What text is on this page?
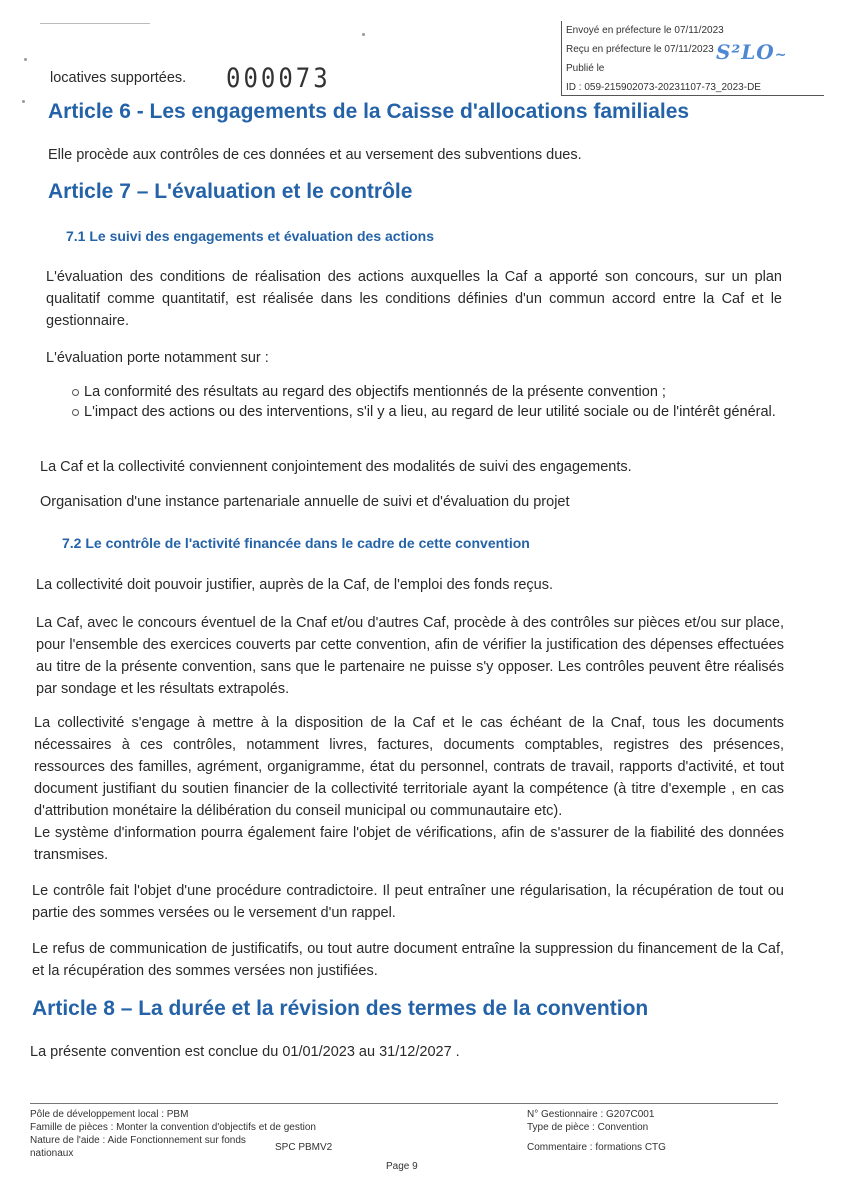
Envoyé en préfecture le 07/11/2023
Reçu en préfecture le 07/11/2023
Publié le
ID : 059-215902073-20231107-73_2023-DE
S²LO~
locatives supportées. 000073
Article 6 - Les engagements de la Caisse d'allocations familiales
Elle procède aux contrôles de ces données et au versement des subventions dues.
Article 7 – L'évaluation et le contrôle
7.1 Le suivi des engagements et évaluation des actions
L'évaluation des conditions de réalisation des actions auxquelles la Caf a apporté son concours, sur un plan qualitatif comme quantitatif, est réalisée dans les conditions définies d'un commun accord entre la Caf et le gestionnaire.
L'évaluation porte notamment sur :
La conformité des résultats au regard des objectifs mentionnés de la présente convention ;
L'impact des actions ou des interventions, s'il y a lieu, au regard de leur utilité sociale ou de l'intérêt général.
La Caf et la collectivité conviennent conjointement des modalités de suivi des engagements.
Organisation d'une instance partenariale annuelle de suivi et d'évaluation du projet
7.2 Le contrôle de l'activité financée dans le cadre de cette convention
La collectivité doit pouvoir justifier, auprès de la Caf, de l'emploi des fonds reçus.
La Caf, avec le concours éventuel de la Cnaf et/ou d'autres Caf, procède à des contrôles sur pièces et/ou sur place, pour l'ensemble des exercices couverts par cette convention, afin de vérifier la justification des dépenses effectuées au titre de la présente convention, sans que le partenaire ne puisse s'y opposer. Les contrôles peuvent être réalisés par sondage et les résultats extrapolés.
La collectivité s'engage à mettre à la disposition de la Caf et le cas échéant de la Cnaf, tous les documents nécessaires à ces contrôles, notamment livres, factures, documents comptables, registres des présences, ressources des familles, agrément, organigramme, état du personnel, contrats de travail, rapports d'activité, et tout document justifiant du soutien financier de la collectivité territoriale ayant la compétence (à titre d'exemple , en cas d'attribution monétaire la délibération du conseil municipal ou communautaire etc).
Le système d'information pourra également faire l'objet de vérifications, afin de s'assurer de la fiabilité des données transmises.
Le contrôle fait l'objet d'une procédure contradictoire. Il peut entraîner une régularisation, la récupération de tout ou partie des sommes versées ou le versement d'un rappel.
Le refus de communication de justificatifs, ou tout autre document entraîne la suppression du financement de la Caf, et la récupération des sommes versées non justifiées.
Article 8 – La durée et la révision des termes de la convention
La présente convention est conclue du 01/01/2023 au 31/12/2027 .
Pôle de développement local : PBM
Famille de pièces : Monter la convention d'objectifs et de gestion
Nature de l'aide : Aide Fonctionnement sur fonds
nationaux
SPC PBMV2
N° Gestionnaire : G207C001
Type de pièce : Convention
Commentaire : formations CTG
Page 9
